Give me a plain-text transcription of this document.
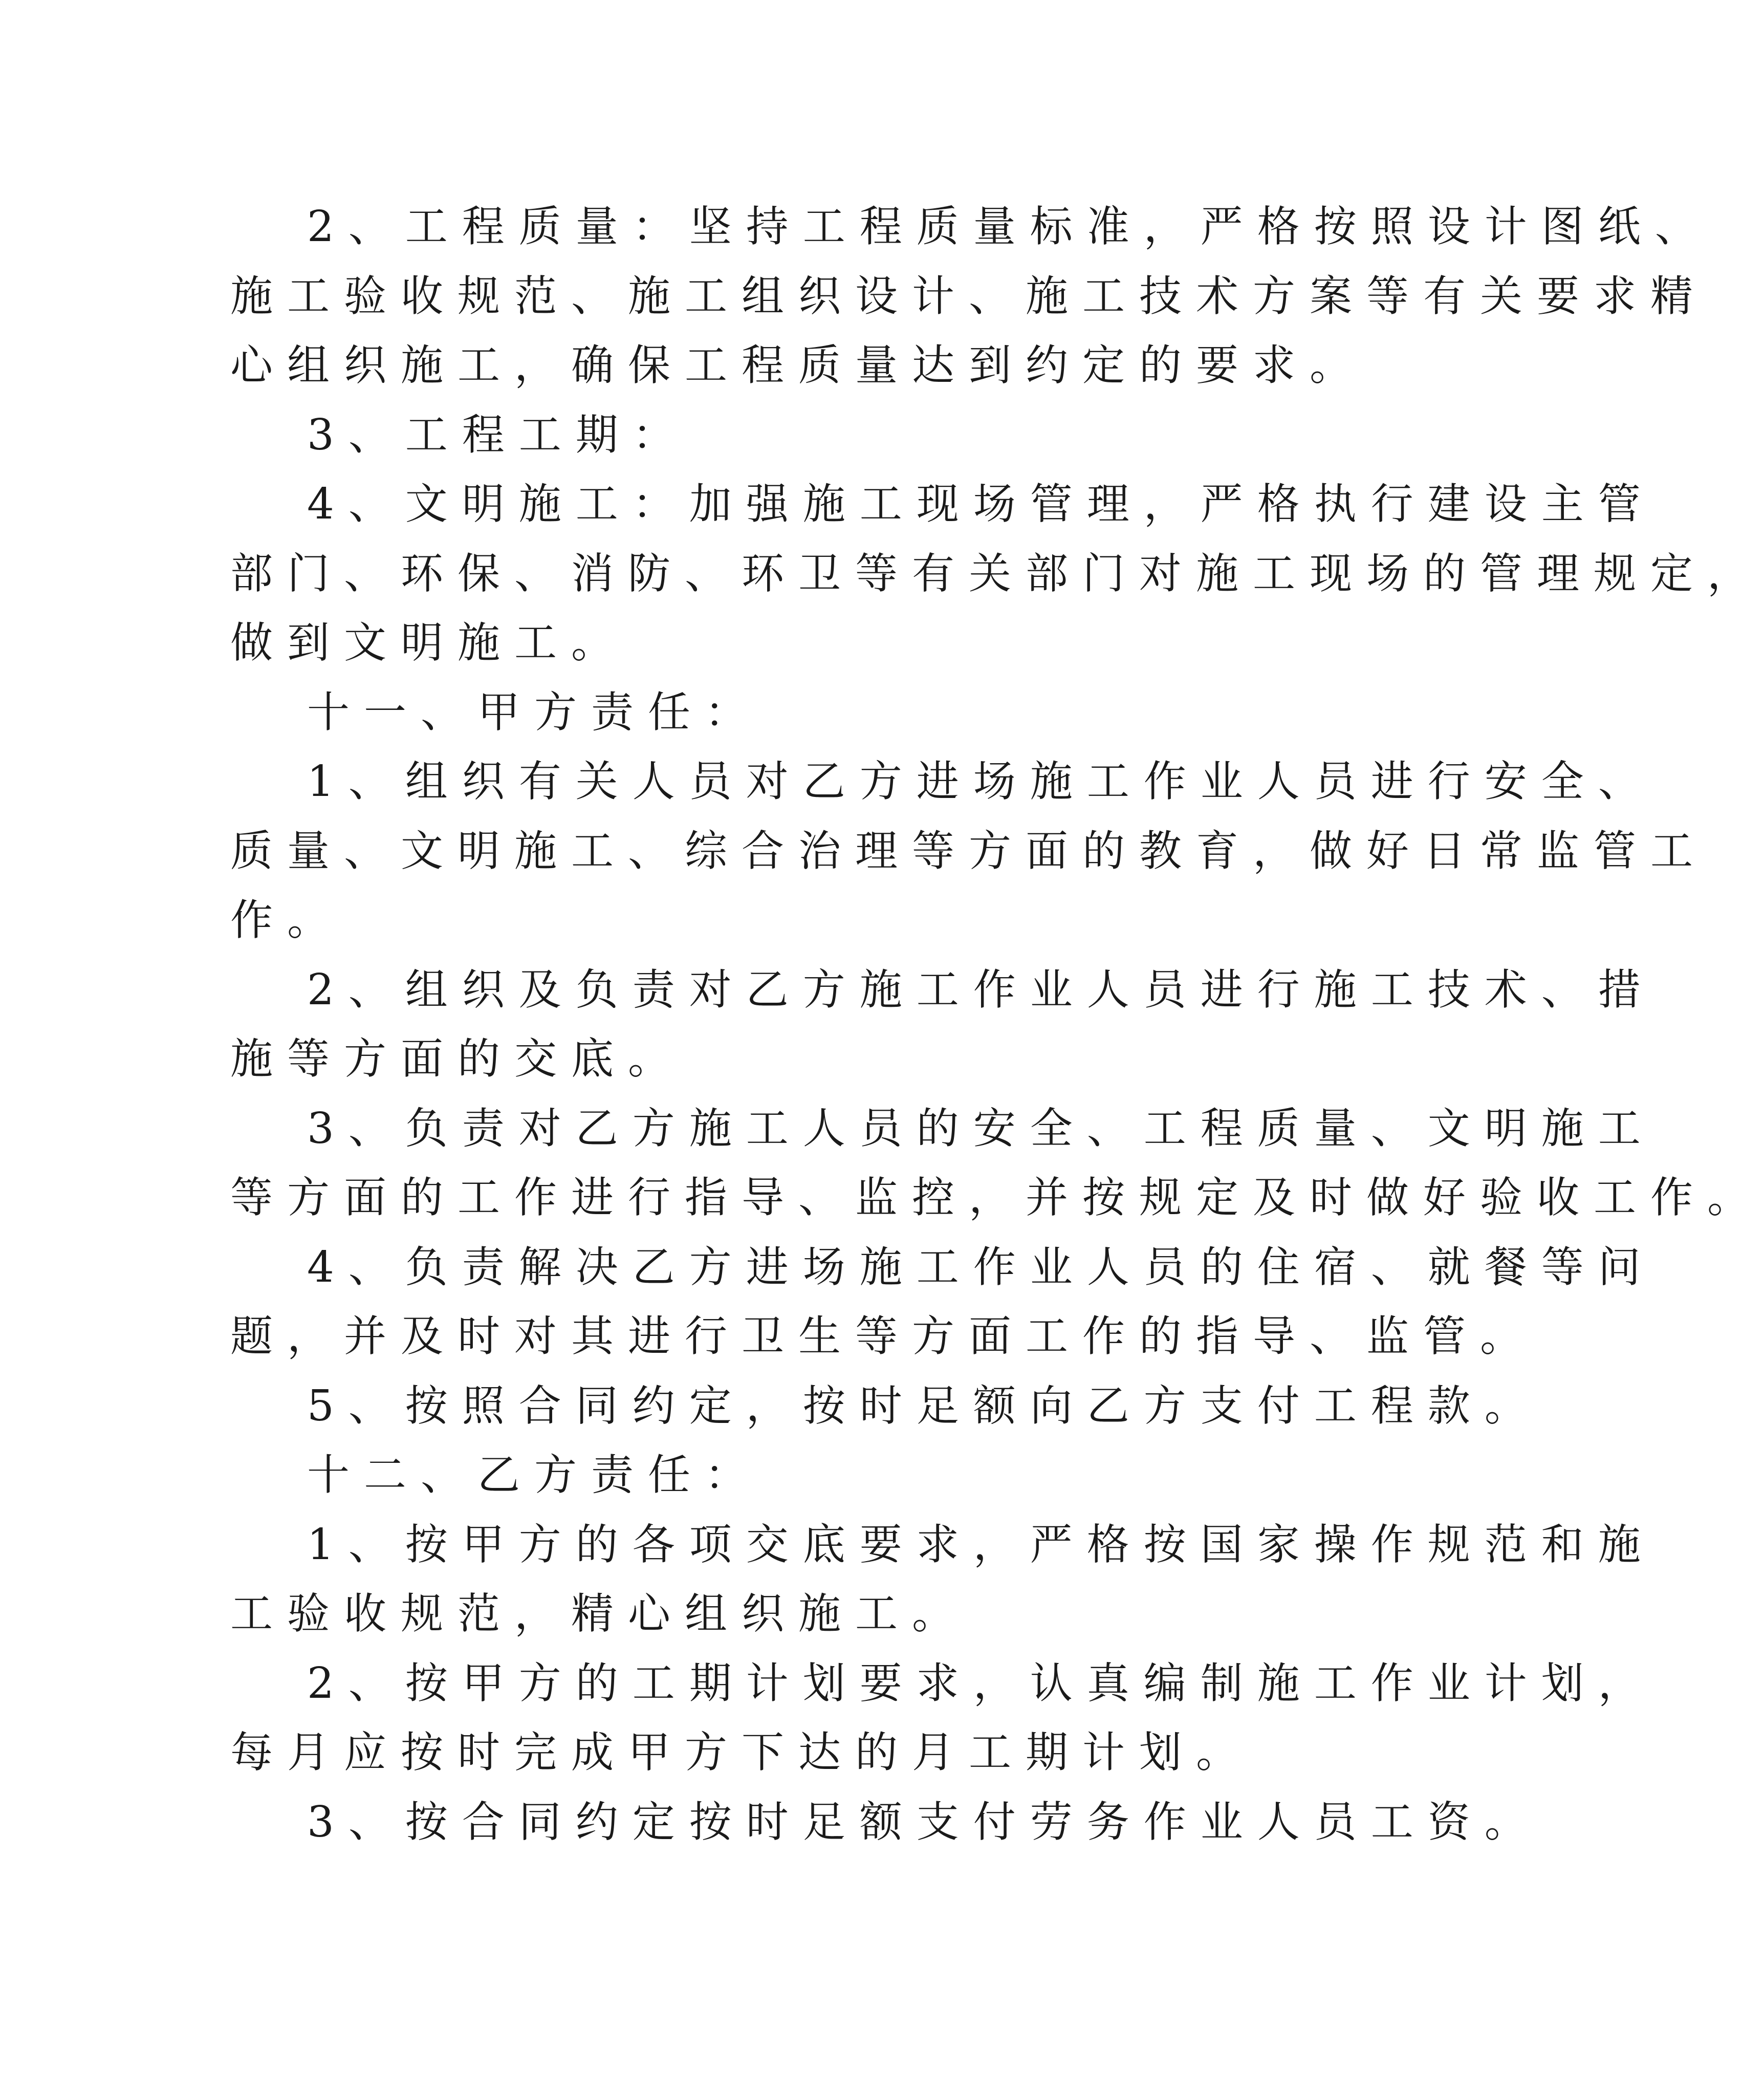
2、工程质量：坚持工程质量标准，严格按照设计图纸、
施工验收规范、施工组织设计、施工技术方案等有关要求精
心组织施工，确保工程质量达到约定的要求。
3、工程工期：
4、文明施工：加强施工现场管理，严格执行建设主管
部门、环保、消防、环卫等有关部门对施工现场的管理规定，
做到文明施工。
十一、甲方责任：
1、组织有关人员对乙方进场施工作业人员进行安全、
质量、文明施工、综合治理等方面的教育，做好日常监管工
作。
2、组织及负责对乙方施工作业人员进行施工技术、措
施等方面的交底。
3、负责对乙方施工人员的安全、工程质量、文明施工
等方面的工作进行指导、监控，并按规定及时做好验收工作。
4、负责解决乙方进场施工作业人员的住宿、就餐等问
题，并及时对其进行卫生等方面工作的指导、监管。
5、按照合同约定，按时足额向乙方支付工程款。
十二、乙方责任：
1、按甲方的各项交底要求，严格按国家操作规范和施
工验收规范，精心组织施工。
2、按甲方的工期计划要求，认真编制施工作业计划，
每月应按时完成甲方下达的月工期计划。
3、按合同约定按时足额支付劳务作业人员工资。
